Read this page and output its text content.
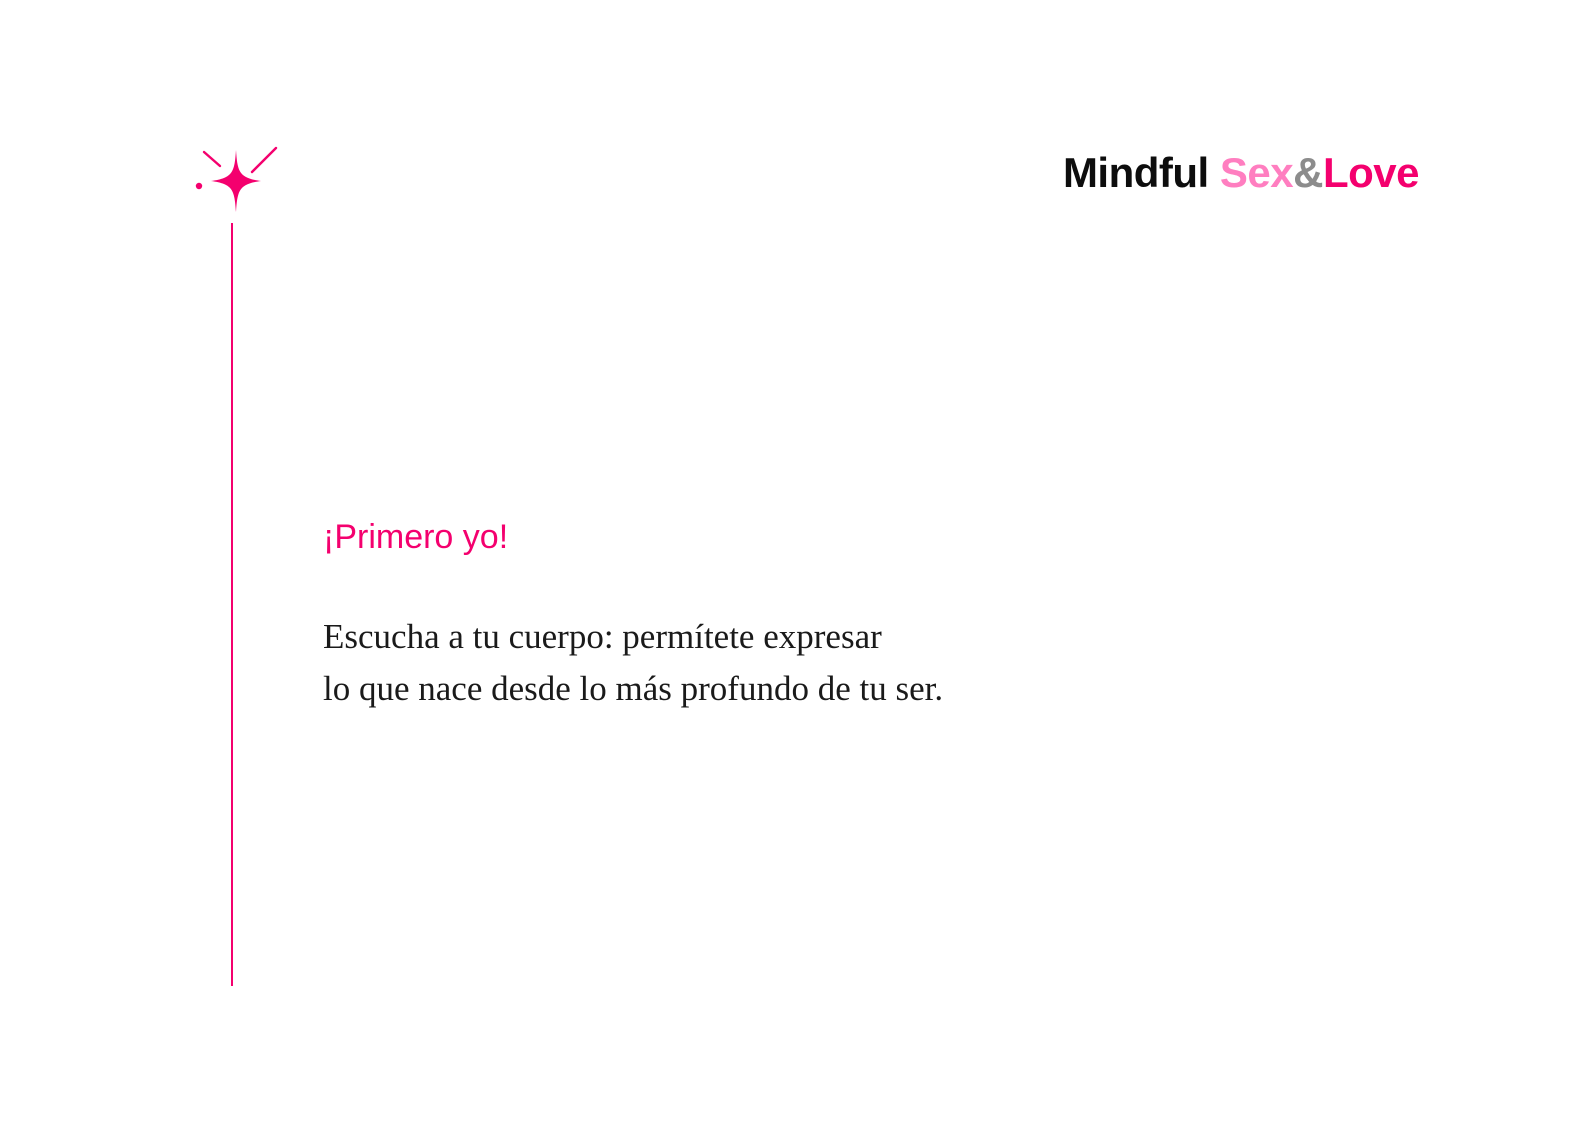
Mindful Sex&Love

¡Primero yo!

Escucha a tu cuerpo: permítete expresar
lo que nace desde lo más profundo de tu ser.
